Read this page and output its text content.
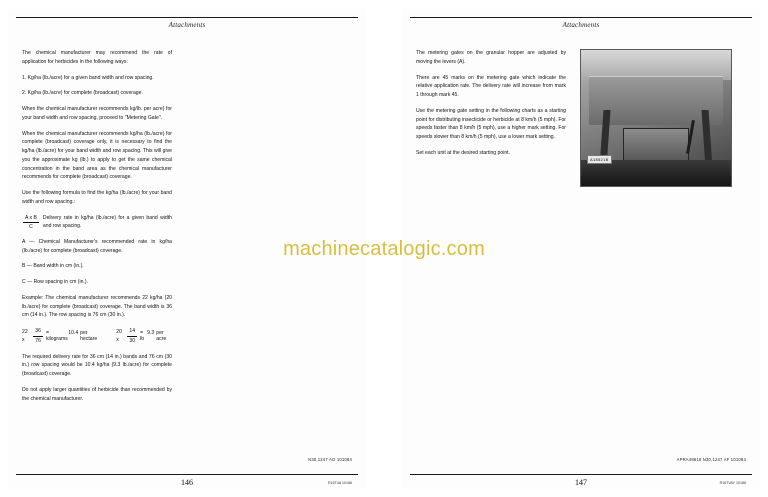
Attachments

The chemical manufacturer may recommend the rate of application for herbicides in the following ways:

1. Kg/ha (lb./acre) for a given band width and row spacing.

2. Kg/ha (lb./acre) for complete (broadcast) coverage.

When the chemical manufacturer recommends kg/lb. per acre) for your band width and row spacing, proceed to "Metering Gate".

When the chemical manufacturer recommends kg/ha (lb./acre) for complete (broadcast) coverage only, it is necessary to find the kg/ha (lb./acre) for your band width and row spacing. This will give you the approximate kg (lb.) to apply to get the same chemical concentration in the band area as the chemical manufacturer recommends for complete (broadcast) coverage.

Use the following formula to find the kg/ha (lb./acre) for your band width and row spacing.:

$\frac{\text{A x B}}{C}$ Delivery rate in kg/ha (lb./acre) for a given band width and row spacing.

A — Chemical Manufacturer's recommended rate in kg/ha (lb./acre) for complete (broadcast) coverage.

B — Band width in cm (in.).

C — Row spacing in cm (in.).

Example: The chemical manufacturer recommends 22 kg/ha (20 lb./acre) for complete (broadcast) coverage. The band width is 36 cm (14 in.). The row spacing is 76 cm (30 in.).

22 x	$\frac{36}{76} = 10.4$ kilograms
per hectare
20 x	$\frac{14}{30} = 9.3$ lb
per acre

The required delivery rate for 36 cm (14 in.) bands and 76 cm (30 in.) row spacing would be 10.4 kg/ha (9.3 lb./acre) for complete (broadcast) coverage.

Do not apply larger quantities of herbicide than recommended by the chemical manufacturer.

N30,1247 AO 101084
R16T4A 10186
146
Attachments

The metering gates on the granular hopper are adjusted by moving the levers (A).

There are 45 marks on the metering gate which indicate the relative application rate. The delivery rate will increase from mark 1 through mark 45.

Use the metering gate setting in the following charts as a starting point for distributing insecticide or herbicide at 8 km/h (5 mph). For speeds faster than 8 km/h (5 mph), use a higher mark setting. For speeds slower than 8 km/h (5 mph), use a lower mark setting.

Set each unit at the desired starting point.

A18521B
APRA48618 N30,1247 AF 101084
R16TVAY 10186
147
machinecatalogic.com
